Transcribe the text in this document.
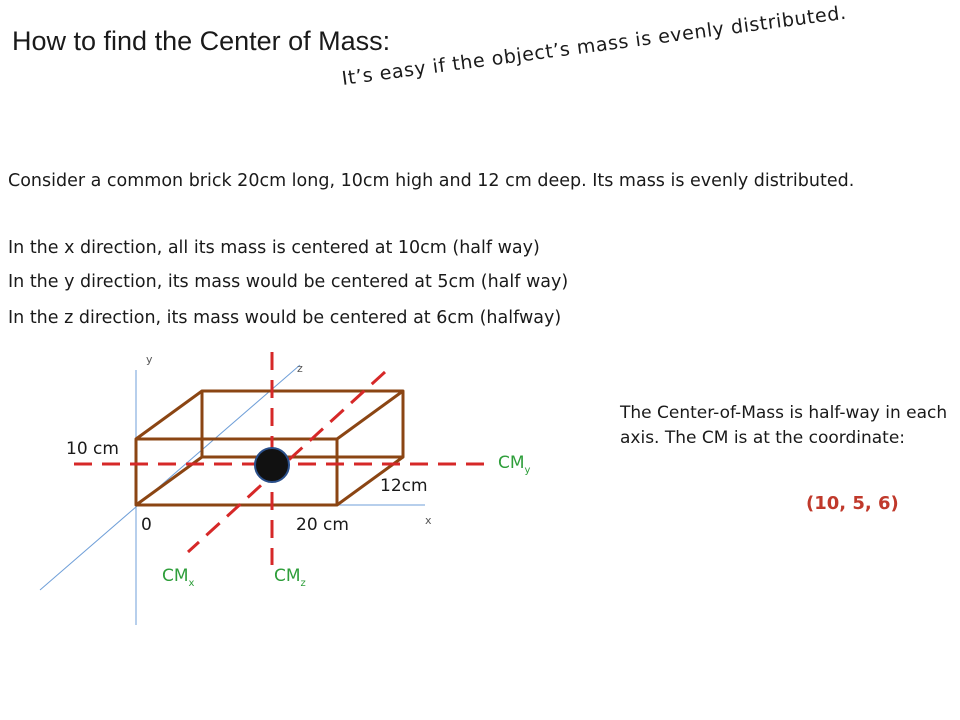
How to find the Center of Mass:
It’s easy if the object’s mass is evenly distributed.
Consider a common brick 20cm long, 10cm high and 12 cm deep. Its mass is evenly distributed.
In the x direction, all its mass is centered at 10cm (half way)
In the y direction, its mass would be centered at 5cm (half way)
In the z direction, its mass would be centered at 6cm (halfway)
y
z
x
10 cm
12cm
0	20 cm
$CM_y$
$CM_x$	$CM_z$
The Center-of-Mass is half-way in each axis. The CM is at the coordinate:
(10, 5, 6)
